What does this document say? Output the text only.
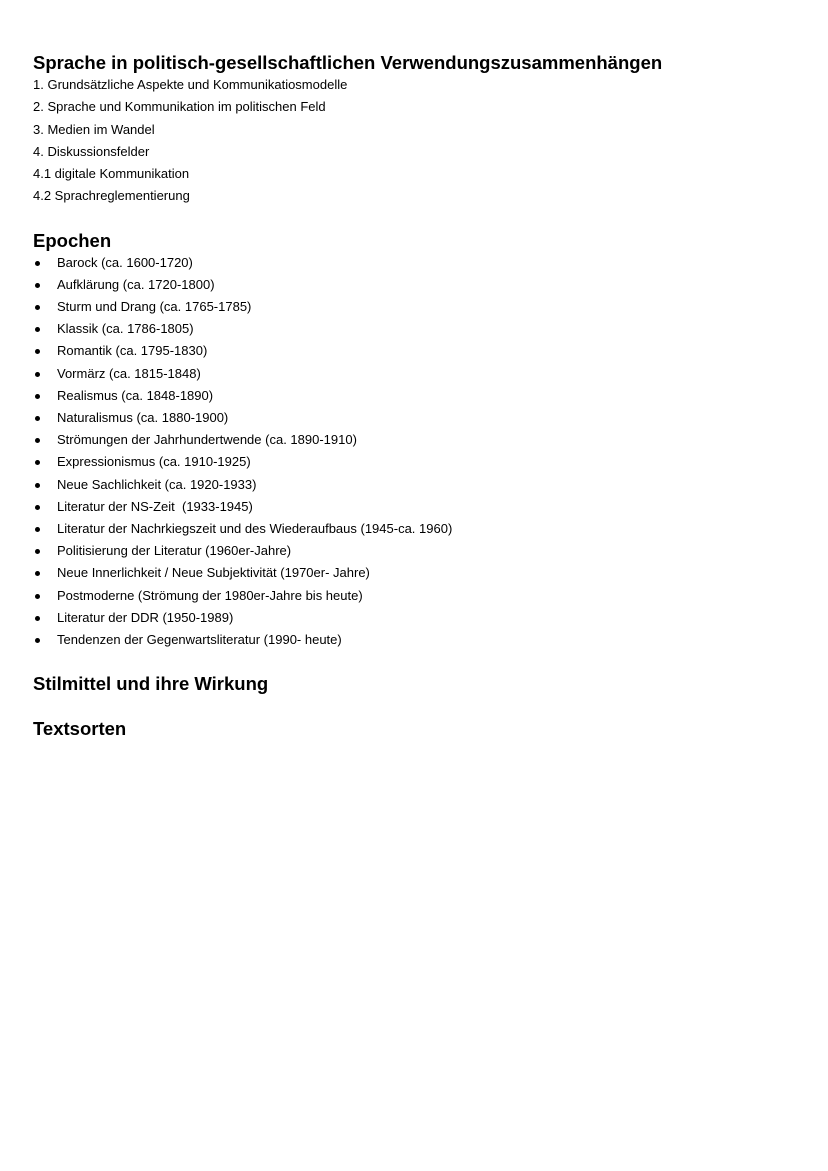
Sprache in politisch-gesellschaftlichen Verwendungszusammenhängen
1. Grundsätzliche Aspekte und Kommunikatiosmodelle
2. Sprache und Kommunikation im politischen Feld
3. Medien im Wandel
4. Diskussionsfelder
4.1 digitale Kommunikation
4.2 Sprachreglementierung
Epochen
Barock (ca. 1600-1720)
Aufklärung (ca. 1720-1800)
Sturm und Drang (ca. 1765-1785)
Klassik (ca. 1786-1805)
Romantik (ca. 1795-1830)
Vormärz (ca. 1815-1848)
Realismus (ca. 1848-1890)
Naturalismus (ca. 1880-1900)
Strömungen der Jahrhundertwende (ca. 1890-1910)
Expressionismus (ca. 1910-1925)
Neue Sachlichkeit (ca. 1920-1933)
Literatur der NS-Zeit  (1933-1945)
Literatur der Nachrkiegszeit und des Wiederaufbaus (1945-ca. 1960)
Politisierung der Literatur (1960er-Jahre)
Neue Innerlichkeit / Neue Subjektivität (1970er- Jahre)
Postmoderne (Strömung der 1980er-Jahre bis heute)
Literatur der DDR (1950-1989)
Tendenzen der Gegenwartsliteratur (1990- heute)
Stilmittel und ihre Wirkung
Textsorten
